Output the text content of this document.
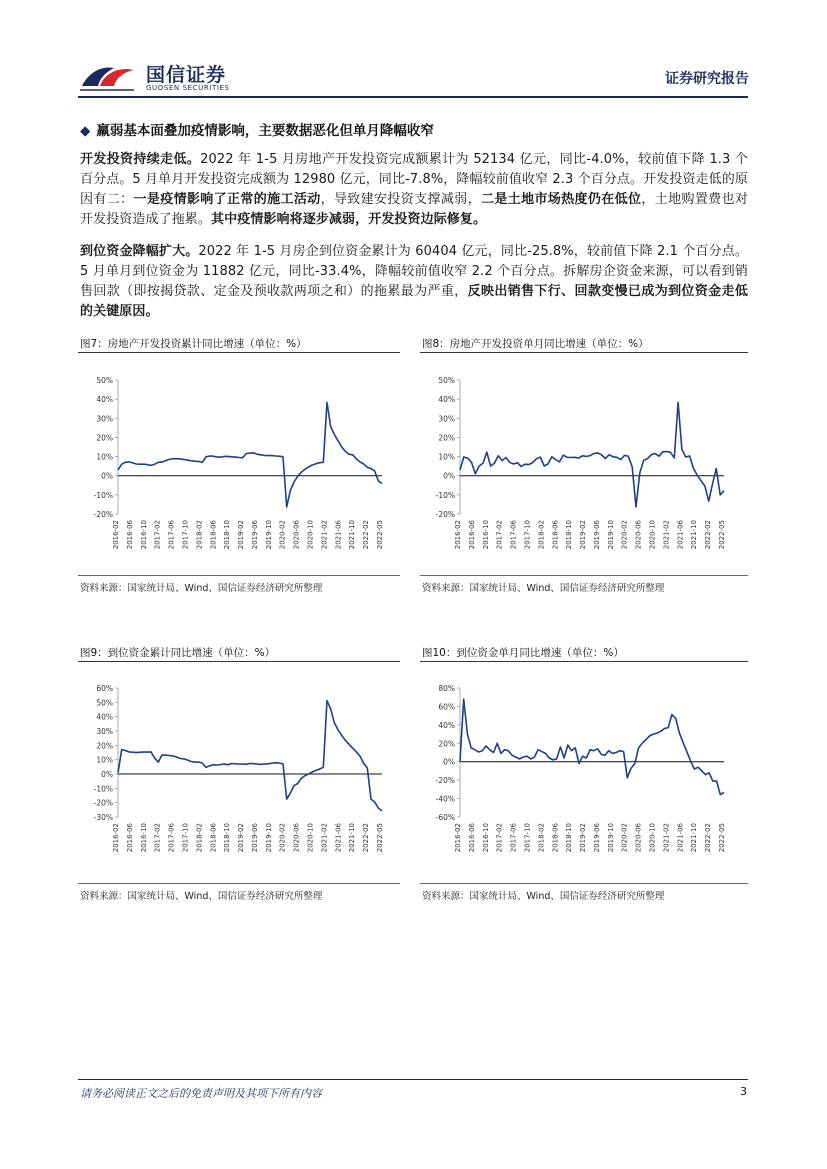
国信证券
GUOSEN SECURITIES
证券研究报告
◆ 羸弱基本面叠加疫情影响，主要数据恶化但单月降幅收窄
开发投资持续走低。2022 年 1-5 月房地产开发投资完成额累计为 52134 亿元，同比-4.0%，较前值下降 1.3 个百分点。5 月单月开发投资完成额为 12980 亿元，同比-7.8%，降幅较前值收窄 2.3 个百分点。开发投资走低的原因有二：一是疫情影响了正常的施工活动，导致建安投资支撑减弱，二是土地市场热度仍在低位，土地购置费也对开发投资造成了拖累。其中疫情影响将逐步减弱，开发投资边际修复。
到位资金降幅扩大。2022 年 1-5 月房企到位资金累计为 60404 亿元，同比-25.8%，较前值下降 2.1 个百分点。5 月单月到位资金为 11882 亿元，同比-33.4%，降幅较前值收窄 2.2 个百分点。拆解房企资金来源，可以看到销售回款（即按揭贷款、定金及预收款两项之和）的拖累最为严重，反映出销售下行、回款变慢已成为到位资金走低的关键原因。
图7：房地产开发投资累计同比增速（单位：%）
50%
40%
30%
20%
10%
0%
-10%
-20%
2016-02 2016-06 2016-10 2017-02 2017-06 2017-10 2018-02 2018-06 2018-10 2019-02 2019-06 2019-10 2020-02 2020-06 2020-10 2021-02 2021-06 2021-10 2022-02 2022-05
资料来源：国家统计局、Wind、国信证券经济研究所整理
图8：房地产开发投资单月同比增速（单位：%）
50%
40%
30%
20%
10%
0%
-10%
-20%
2016-02 2016-06 2016-10 2017-02 2017-06 2017-10 2018-02 2018-06 2018-10 2019-02 2019-06 2019-10 2020-02 2020-06 2020-10 2021-02 2021-06 2021-10 2022-02 2022-05
资料来源：国家统计局、Wind、国信证券经济研究所整理
图9：到位资金累计同比增速（单位：%）
60%
50%
40%
30%
20%
10%
0%
-10%
-20%
-30%
2016-02 2016-06 2016-10 2017-02 2017-06 2017-10 2018-02 2018-06 2018-10 2019-02 2019-06 2019-10 2020-02 2020-06 2020-10 2021-02 2021-06 2021-10 2022-02 2022-05
资料来源：国家统计局、Wind、国信证券经济研究所整理
图10：到位资金单月同比增速（单位：%）
80%
60%
40%
20%
0%
-20%
-40%
-60%
2016-02 2016-06 2016-10 2017-02 2017-06 2017-10 2018-02 2018-06 2018-10 2019-02 2019-06 2019-10 2020-02 2020-06 2020-10 2021-02 2021-06 2021-10 2022-02 2022-05
资料来源：国家统计局、Wind、国信证券经济研究所整理
请务必阅读正文之后的免责声明及其项下所有内容	3
